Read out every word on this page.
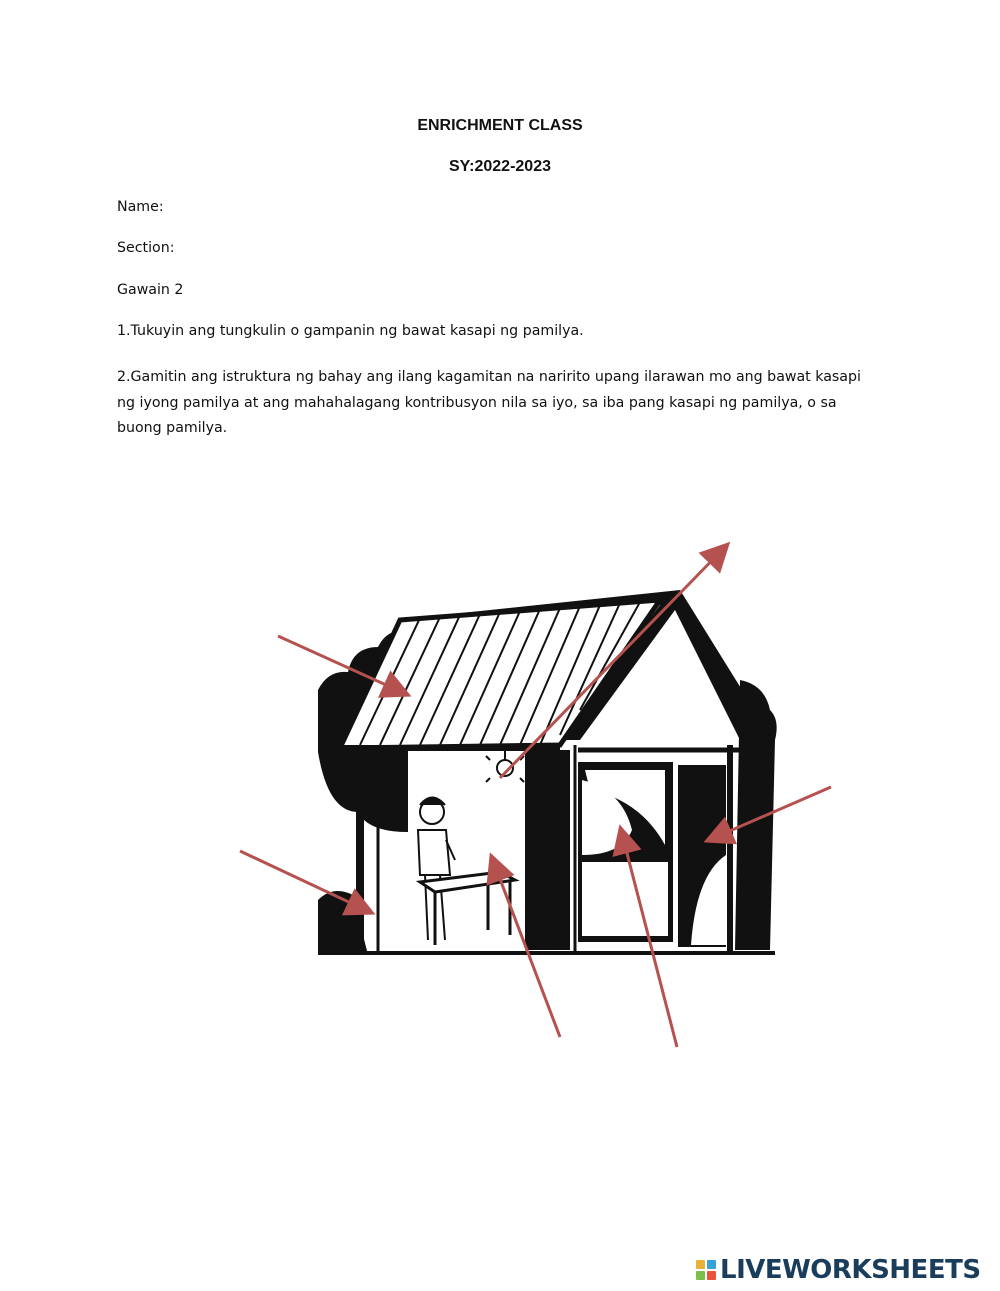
ENRICHMENT CLASS
SY:2022-2023
Name:
Section:
Gawain 2
1.Tukuyin ang tungkulin o gampanin ng bawat kasapi ng pamilya.
2.Gamitin ang istruktura ng bahay ang ilang kagamitan na naririto upang ilarawan mo ang bawat kasapi ng iyong pamilya at ang mahahalagang kontribusyon nila sa iyo, sa iba pang kasapi ng pamilya, o sa buong pamilya.
LIVEWORKSHEETS
